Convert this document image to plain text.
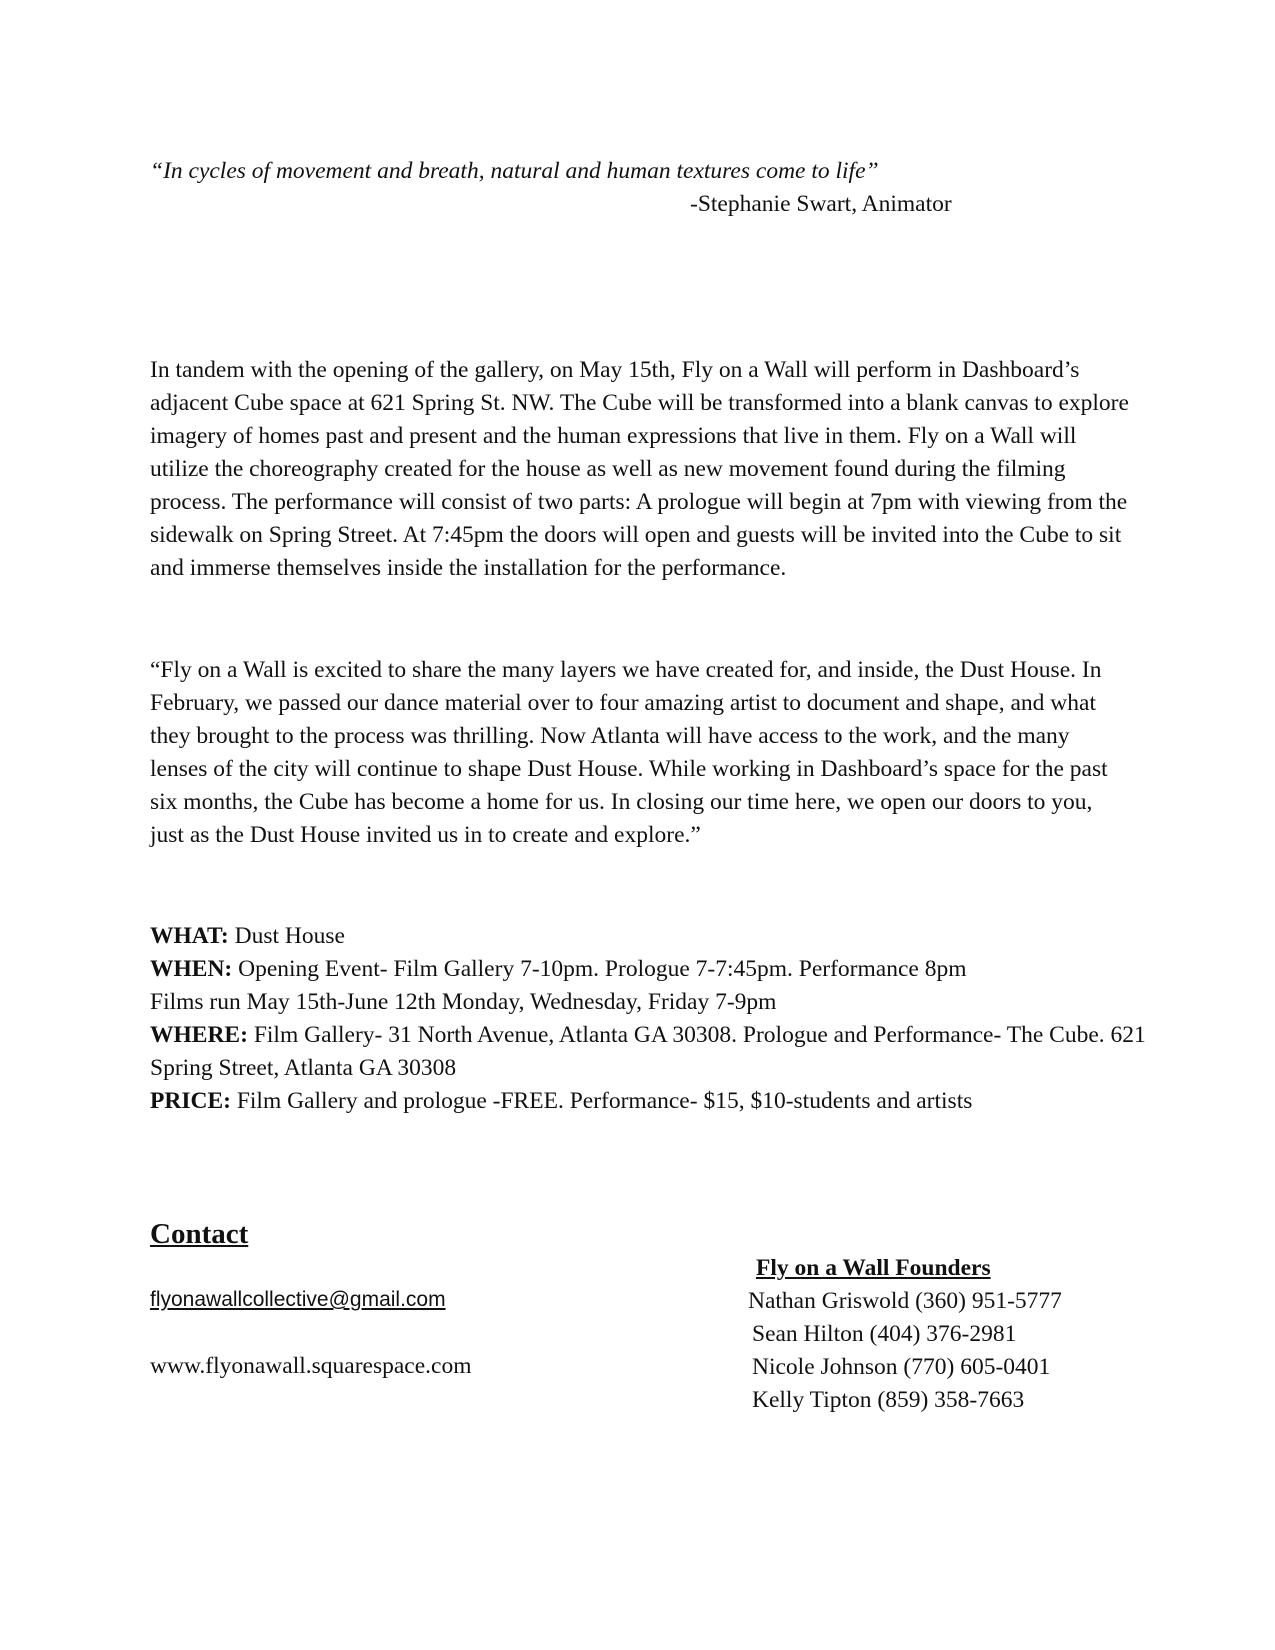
“In cycles of movement and breath, natural and human textures come to life”
-Stephanie Swart, Animator

In tandem with the opening of the gallery, on May 15th, Fly on a Wall will perform in Dashboard’s adjacent Cube space at 621 Spring St. NW. The Cube will be transformed into a blank canvas to explore imagery of homes past and present and the human expressions that live in them. Fly on a Wall will utilize the choreography created for the house as well as new movement found during the filming process. The performance will consist of two parts: A prologue will begin at 7pm with viewing from the sidewalk on Spring Street. At 7:45pm the doors will open and guests will be invited into the Cube to sit and immerse themselves inside the installation for the performance.

“Fly on a Wall is excited to share the many layers we have created for, and inside, the Dust House. In February, we passed our dance material over to four amazing artist to document and shape, and what they brought to the process was thrilling. Now Atlanta will have access to the work, and the many lenses of the city will continue to shape Dust House. While working in Dashboard’s space for the past six months, the Cube has become a home for us. In closing our time here, we open our doors to you, just as the Dust House invited us in to create and explore.”

WHAT: Dust House
WHEN: Opening Event- Film Gallery 7-10pm. Prologue 7-7:45pm. Performance 8pm
Films run May 15th-June 12th Monday, Wednesday, Friday 7-9pm
WHERE: Film Gallery- 31 North Avenue, Atlanta GA 30308. Prologue and Performance- The Cube. 621 Spring Street, Atlanta GA 30308
PRICE: Film Gallery and prologue -FREE. Performance- $15, $10-students and artists
Contact
flyonawallcollective@gmail.com
www.flyonawall.squarespace.com
Fly on a Wall Founders
Nathan Griswold (360) 951-5777
Sean Hilton (404) 376-2981
Nicole Johnson (770) 605-0401
Kelly Tipton (859) 358-7663
